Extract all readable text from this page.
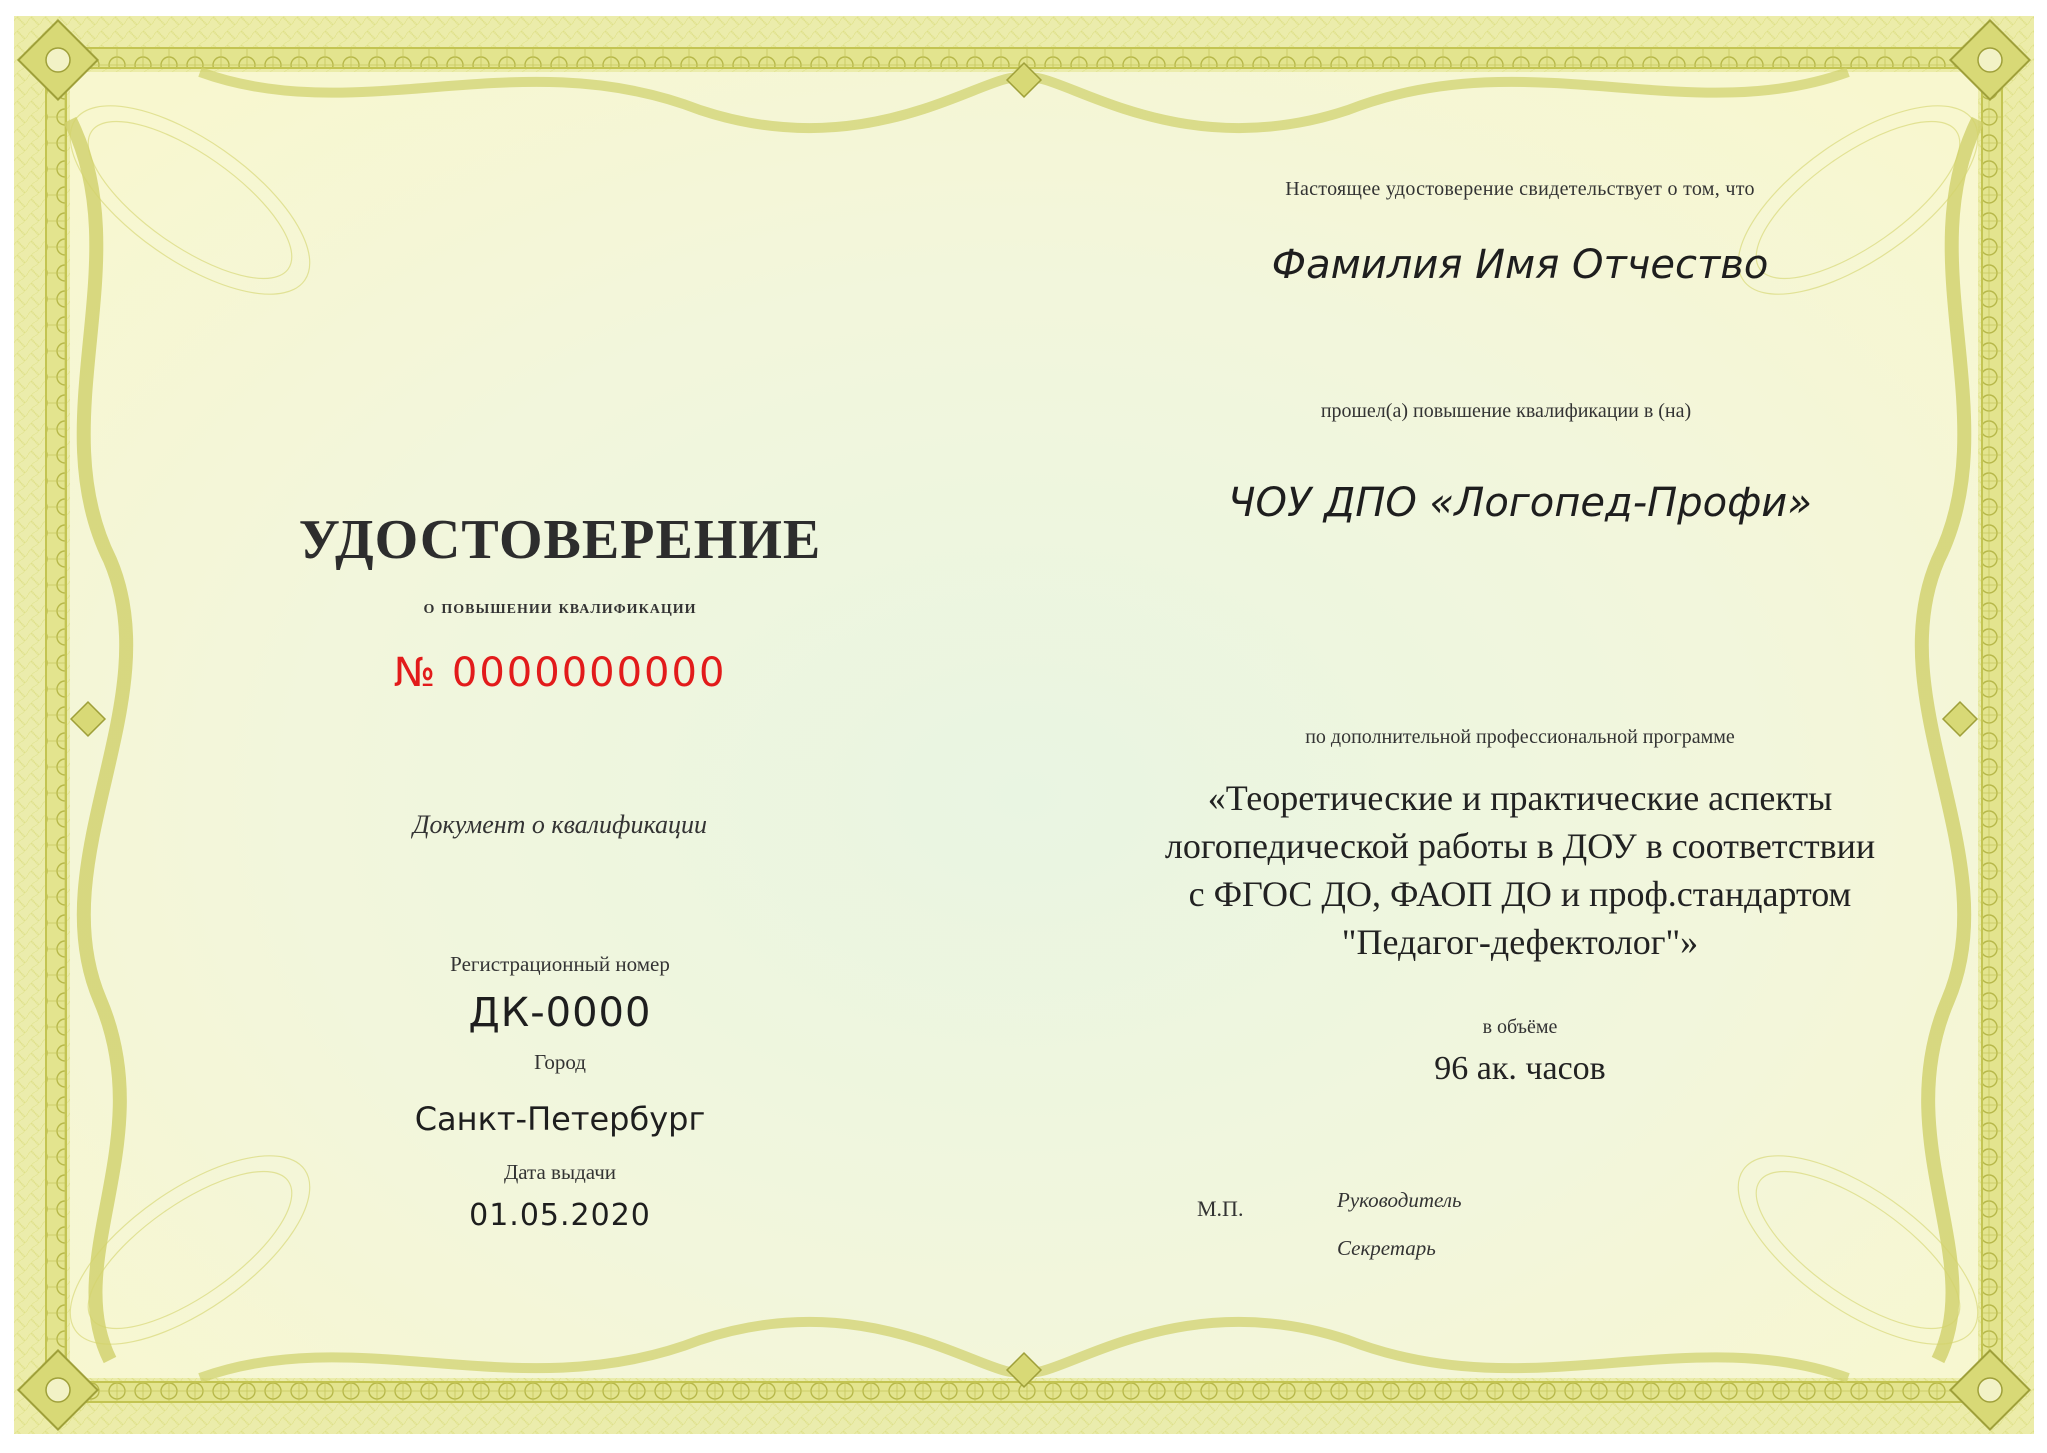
УДОСТОВЕРЕНИЕ
о повышении квалификации
№ 0000000000
Документ о квалификации
Регистрационный номер
ДК-0000
Город
Санкт-Петербург
Дата выдачи
01.05.2020
Настоящее удостоверение свидетельствует о том, что
Фамилия Имя Отчество
прошел(а) повышение квалификации в (на)
ЧОУ ДПО «Логопед-Профи»
по дополнительной профессиональной программе
«Теоретические и практические аспекты
логопедической работы в ДОУ в соответствии
с ФГОС ДО, ФАОП ДО и проф.стандартом
"Педагог-дефектолог"»
в объёме
96 ак. часов
М.П.	Руководитель
Секретарь
